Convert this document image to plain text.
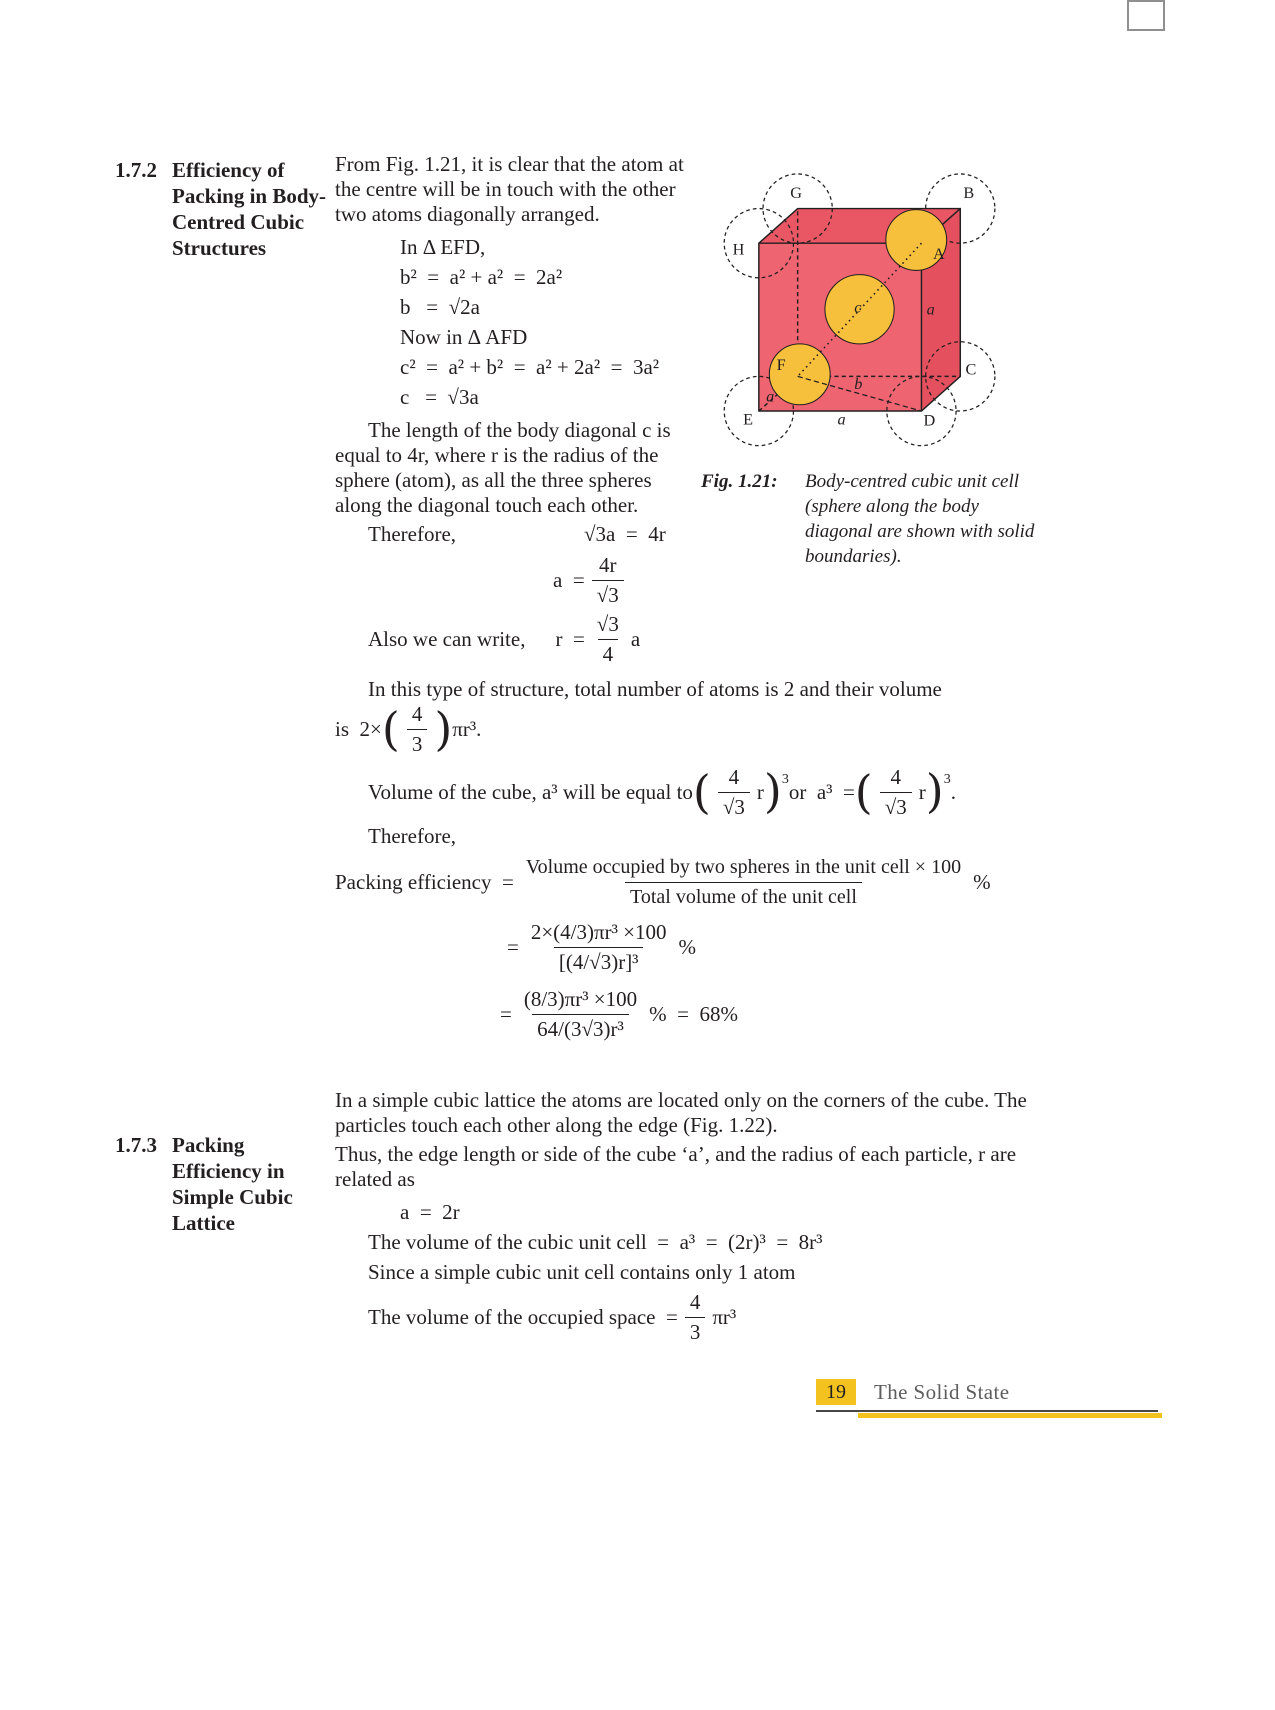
1.7.2 Efficiency of Packing in Body-Centred Cubic Structures
1.7.3 Packing Efficiency in Simple Cubic Lattice
G	B
H	A
c	a
F	C
b
a
E	a	D
Fig. 1.21:	Body-centred cubic unit cell (sphere along the body diagonal are shown with solid boundaries).

From Fig. 1.21, it is clear that the atom at the centre will be in touch with the other two atoms diagonally arranged.

In Δ EFD,
b²  =  a² + a²  =  2a²
b   =  √2a
Now in Δ AFD
c²  =  a² + b²  =  a² + 2a²  =  3a²
c   =  √3a

The length of the body diagonal c is equal to 4r, where r is the radius of the sphere (atom), as all the three spheres along the diagonal touch each other.

Therefore,	√3a  =  4r
$a = \frac{4r}{√3}$
Also we can write, $r = \frac{√3}{4}$ a

In this type of structure, total number of atoms is 2 and their volume

is  2× ( $\frac{4}{3}$ ) πr³.
Volume of the cube, a³ will be equal to ( $\frac{4}{√3}$ r )$^3$
or  a³  = ( $\frac{4}{√3}$ r )$^3$
.
Therefore,
Packing efficiency  = $\frac{\text{Volume occupied by two spheres in the unit cell × 100}}{\text{Total volume of the unit cell}}$ %
= $\frac{\text{2×(4/3)πr³ ×100}}{\text{[(4/√3)r]³}}$ %
= $\frac{\text{(8/3)πr³ ×100}}{\text{64/(3√3)r³}}$ %  =  68%

In a simple cubic lattice the atoms are located only on the corners of the cube. The particles touch each other along the edge (Fig. 1.22).

Thus, the edge length or side of the cube ‘a’, and the radius of each particle, r are related as

a  =  2r
The volume of the cubic unit cell  =  a³  =  (2r)³  =  8r³
Since a simple cubic unit cell contains only 1 atom
The volume of the occupied space  = $\frac{4}{3} \pi r^3$
19	The Solid State
